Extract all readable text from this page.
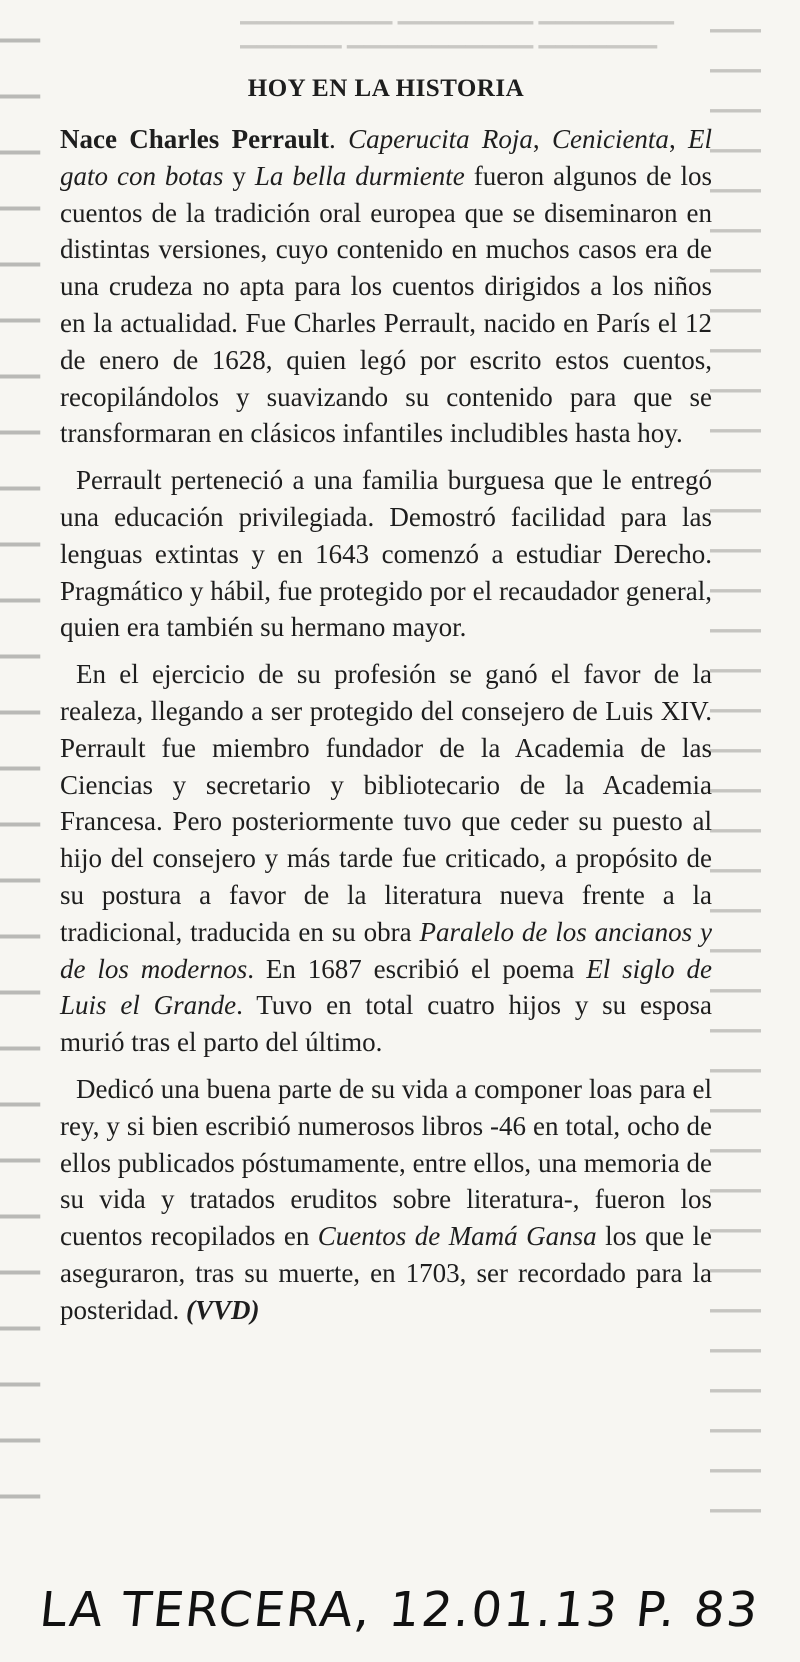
▁▁
▁▁
▁▁
▁▁
▁▁
▁▁
▁▁
▁▁
▁▁
▁▁
▁▁
▁▁
▁▁
▁▁
▁▁
▁▁
▁▁
▁▁
▁▁
▁▁
▁▁
▁▁
▁▁
▁▁
▁▁
▁▁
▁▁
▁▁▁▁▁▁▁▁▁ ▁▁▁▁▁▁▁▁ ▁▁▁▁▁▁▁▁
▁▁▁▁▁▁ ▁▁▁▁▁▁▁▁▁▁▁ ▁▁▁▁▁▁▁
▁▁▁
▁▁▁
▁▁▁
▁▁▁
▁▁▁
▁▁▁
▁▁▁
▁▁▁
▁▁▁
▁▁▁
▁▁▁
▁▁▁
▁▁▁
▁▁▁
▁▁▁
▁▁▁
▁▁▁
▁▁▁
▁▁▁
▁▁▁
▁▁▁
▁▁▁
▁▁▁
▁▁▁
▁▁▁
▁▁▁
▁▁▁
▁▁▁
▁▁▁
▁▁▁
▁▁▁
▁▁▁
▁▁▁
▁▁▁
▁▁▁
▁▁▁
▁▁▁
▁▁▁
HOY EN LA HISTORIA

Nace Charles Perrault. Caperucita Roja, Cenicienta, El gato con botas y La bella durmiente fueron algunos de los cuentos de la tradición oral europea que se diseminaron en distintas versiones, cuyo contenido en muchos casos era de una crudeza no apta para los cuentos dirigidos a los niños en la actualidad. Fue Charles Perrault, nacido en París el 12 de enero de 1628, quien legó por escrito estos cuentos, recopilándolos y suavizando su contenido para que se transformaran en clásicos infantiles includibles hasta hoy.

Perrault perteneció a una familia burguesa que le entregó una educación privilegiada. Demostró facilidad para las lenguas extintas y en 1643 comenzó a estudiar Derecho. Pragmático y hábil, fue protegido por el recaudador general, quien era también su hermano mayor.

En el ejercicio de su profesión se ganó el favor de la realeza, llegando a ser protegido del consejero de Luis XIV. Perrault fue miembro fundador de la Academia de las Ciencias y secretario y bibliotecario de la Academia Francesa. Pero posteriormente tuvo que ceder su puesto al hijo del consejero y más tarde fue criticado, a propósito de su postura a favor de la literatura nueva frente a la tradicional, traducida en su obra Paralelo de los ancianos y de los modernos. En 1687 escribió el poema El siglo de Luis el Grande. Tuvo en total cuatro hijos y su esposa murió tras el parto del último.

Dedicó una buena parte de su vida a componer loas para el rey, y si bien escribió numerosos libros -46 en total, ocho de ellos publicados póstumamente, entre ellos, una memoria de su vida y tratados eruditos sobre literatura-, fueron los cuentos recopilados en Cuentos de Mamá Gansa los que le aseguraron, tras su muerte, en 1703, ser recordado para la posteridad. (VVD)

LA TERCERA, 12.01.13 P. 83
